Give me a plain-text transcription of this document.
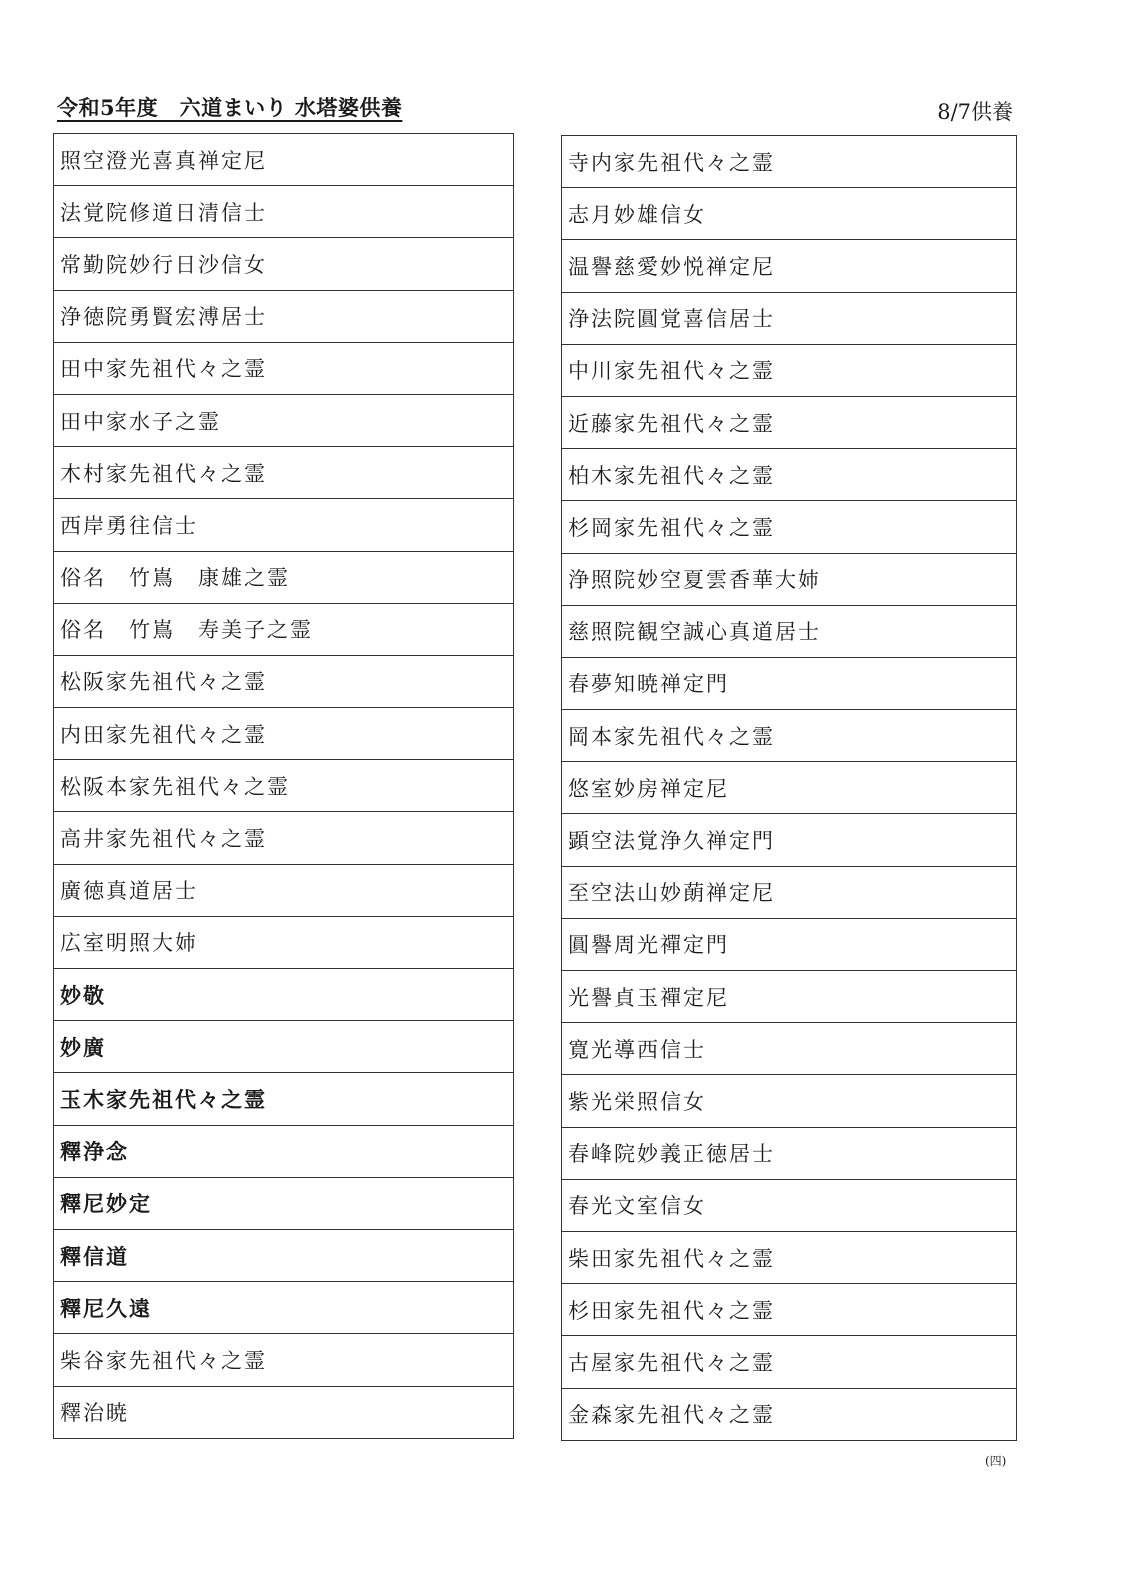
令和5年度　六道まいり 水塔婆供養	8/7供養
照空澄光喜真禅定尼
法覚院修道日清信士
常勤院妙行日沙信女
浄徳院勇賢宏溥居士
田中家先祖代々之霊
田中家水子之霊
木村家先祖代々之霊
西岸勇往信士
俗名　竹嶌　康雄之霊
俗名　竹嶌　寿美子之霊
松阪家先祖代々之霊
内田家先祖代々之霊
松阪本家先祖代々之霊
高井家先祖代々之霊
廣徳真道居士
広室明照大姉
妙敬
妙廣
玉木家先祖代々之霊
釋浄念
釋尼妙定
釋信道
釋尼久遠
柴谷家先祖代々之霊
釋治暁
寺内家先祖代々之霊
志月妙雄信女
温譽慈愛妙悦禅定尼
浄法院圓覚喜信居士
中川家先祖代々之霊
近藤家先祖代々之霊
柏木家先祖代々之霊
杉岡家先祖代々之霊
浄照院妙空夏雲香華大姉
慈照院観空誠心真道居士
春夢知暁禅定門
岡本家先祖代々之霊
悠室妙房禅定尼
顕空法覚浄久禅定門
至空法山妙蓢禅定尼
圓譽周光禪定門
光譽貞玉禪定尼
寛光導西信士
紫光栄照信女
春峰院妙義正徳居士
春光文室信女
柴田家先祖代々之霊
杉田家先祖代々之霊
古屋家先祖代々之霊
金森家先祖代々之霊
(四)
